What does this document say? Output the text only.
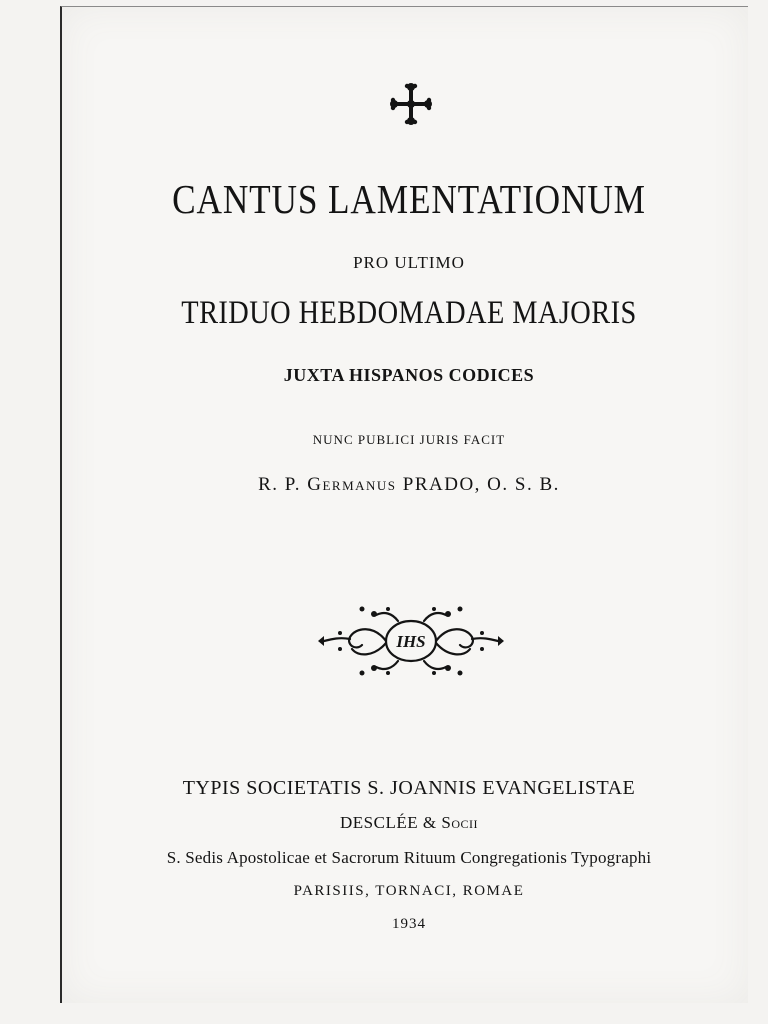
CANTUS LAMENTATIONUM
PRO ULTIMO
TRIDUO HEBDOMADAE MAJORIS
JUXTA HISPANOS CODICES
NUNC PUBLICI JURIS FACIT
R. P. Germanus PRADO, O. S. B.
IHS
TYPIS SOCIETATIS S. JOANNIS EVANGELISTAE
DESCLÉE & Socii
S. Sedis Apostolicae et Sacrorum Rituum Congregationis Typographi
PARISIIS, TORNACI, ROMAE
1934
